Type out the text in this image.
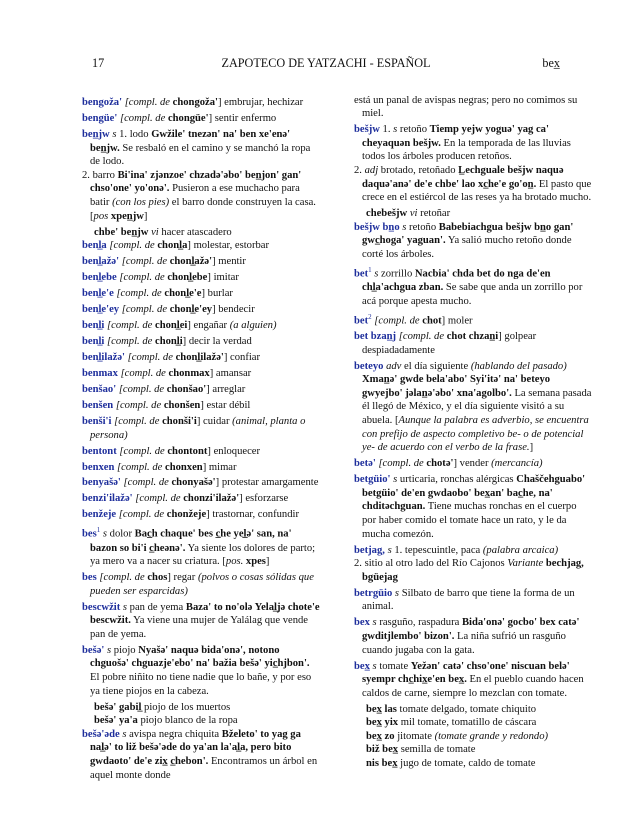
17	ZAPOTECO DE YATZACHI - ESPAÑOL	bex̲

bengoža' [compl. de chongoža'] embrujar, hechizar

bengüe' [compl. de chongüe'] sentir enfermo

ben̲jw s 1. lodo Gwžile' tnezən' na' ben xe'enə' ben̲jw. Se resbaló en el camino y se manchó la ropa de lodo.

2. barro Bi'ina' zjənzoe' chzadə'əbo' ben̲jon' gan' chso'one' yo'onə'. Pusieron a ese muchacho para batir (con los pies) el barro donde construyen la casa. [pos xpen̲jw]

chbe' ben̲jw vi hacer atascadero

benl̲a [compl. de chonl̲a] molestar, estorbar

benl̲ažə' [compl. de chonl̲ažə'] mentir

benl̲ebe [compl. de chonl̲ebe] imitar

benl̲e'e [compl. de chonl̲e'e] burlar

benl̲e'ey [compl. de chonl̲e'ey] bendecir

benl̲i [compl. de chonl̲ei] engañar (a alguien)

benl̲i [compl. de chonl̲i] decir la verdad

benl̲ilažə' [compl. de chonl̲ilažə'] confiar

benmax [compl. de chonmax] amansar

benšao' [compl. de chonšao'] arreglar

benšen [compl. de chonšen] estar débil

benši'i [compl. de chonši'i] cuidar (animal, planta o persona)

bentont [compl. de chontont] enloquecer

benxen [compl. de chonxen] mimar

benyašə' [compl. de chonyašə'] protestar amargamente

benzi'ilažə' [compl. de chonzi'ilažə'] esforzarse

benžeje [compl. de chonžeje] trastornar, confundir

bes$^1$ s dolor Bac̲h chaque' bes c̲he yel̲ə' san, na' bazon so bi'i c̲heənə'. Ya siente los dolores de parto; ya mero va a nacer su criatura. [pos. xpes]

bes [compl. de chos] regar (polvos o cosas sólidas que pueden ser esparcidas)

bescwžit s pan de yema Baza' to no'olə Yelal̲jə chote'e bescwžit. Ya viene una mujer de Yalálag que vende pan de yema.

bešə' s piojo Nyašə' naquə bida'onə', notono chguošə' chguazje'ebo' na' bažia bešə' yic̲hjbon'. El pobre niñito no tiene nadie que lo bañe, y por eso ya tiene piojos en la cabeza.

bešə' gabil̲ piojo de los muertos

bešə' ya'a piojo blanco de la ropa

bešə'əde s avispa negra chiquita Bželeto' to yag ga nal̲ə' to liž bešə'əde do ya'an la'al̲a, pero bito gwdaoto' de'e zix̲ c̲hebon'. Encontramos un árbol en aquel monte donde

está un panal de avispas negras; pero no comimos su miel.

bešjw 1. s retoño Tiemp yejw yoguə' yag ca' cheyaquən bešjw. En la temporada de las lluvias todos los árboles producen retoños.

2. adj brotado, retoñado L̲echguale bešjw naquə daquə'anə' de'e chbe' lao xc̲he'e go'on̲. El pasto que crece en el estiércol de las reses ya ha brotado mucho.

chebešjw vi retoñar

bešjw bn̲o s retoño Babebiachgua bešjw bn̲o gan' gwc̲hoga' yaguan'. Ya salió mucho retoño donde corté los árboles.

bet$^1$ s zorrillo Nacbia' chda bet do nga de'en chl̲a'achgua zban. Se sabe que anda un zorrillo por acá porque apesta mucho.

bet$^2$ [compl. de chot] moler

bet bzan̲j [compl. de chot chzan̲i] golpear despiadadamente

beteyo adv el día siguiente (hablando del pasado) Xman̲ə' gwde bela'abo' Syi'itə' na' beteyo gwyejbo' jəlan̲ə'əbo' xna'agolbo'. La semana pasada él llegó de México, y el día siguiente visitó a su abuela. [Aunque la palabra es adverbio, se encuentra con prefijo de aspecto completivo be- o de potencial ye- de acuerdo con el verbo de la frase.]

betə' [compl. de chotə'] vender (mercancía)

betgüio' s urticaria, ronchas alérgicas Chaščehguabo' betgüio' de'en gwdaobo' bex̲an' bac̲he, na' chditəchguan. Tiene muchas ronchas en el cuerpo por haber comido el tomate hace un rato, y le da mucha comezón.

betjag, s 1. tepescuintle, paca (palabra arcaica)

2. sitio al otro lado del Río Cajonos Variante bechjag, bgüejag

betrgüio s Silbato de barro que tiene la forma de un animal.

bex s rasguño, raspadura Bida'onə' gocbo' bex catə' gwditjlembo' bizon'. La niña sufrió un rasguño cuando jugaba con la gata.

bex̲ s tomate Yežən' catə' chso'one' niscuan belə' syempr chc̲hix̲e'en bex̲. En el pueblo cuando hacen caldos de carne, siempre lo mezclan con tomate.

bex̲ las tomate delgado, tomate chiquito

bex̲ yix mil tomate, tomatillo de cáscara

bex̲ zo jitomate (tomate grande y redondo)

biž bex̲ semilla de tomate

nis bex̲ jugo de tomate, caldo de tomate
